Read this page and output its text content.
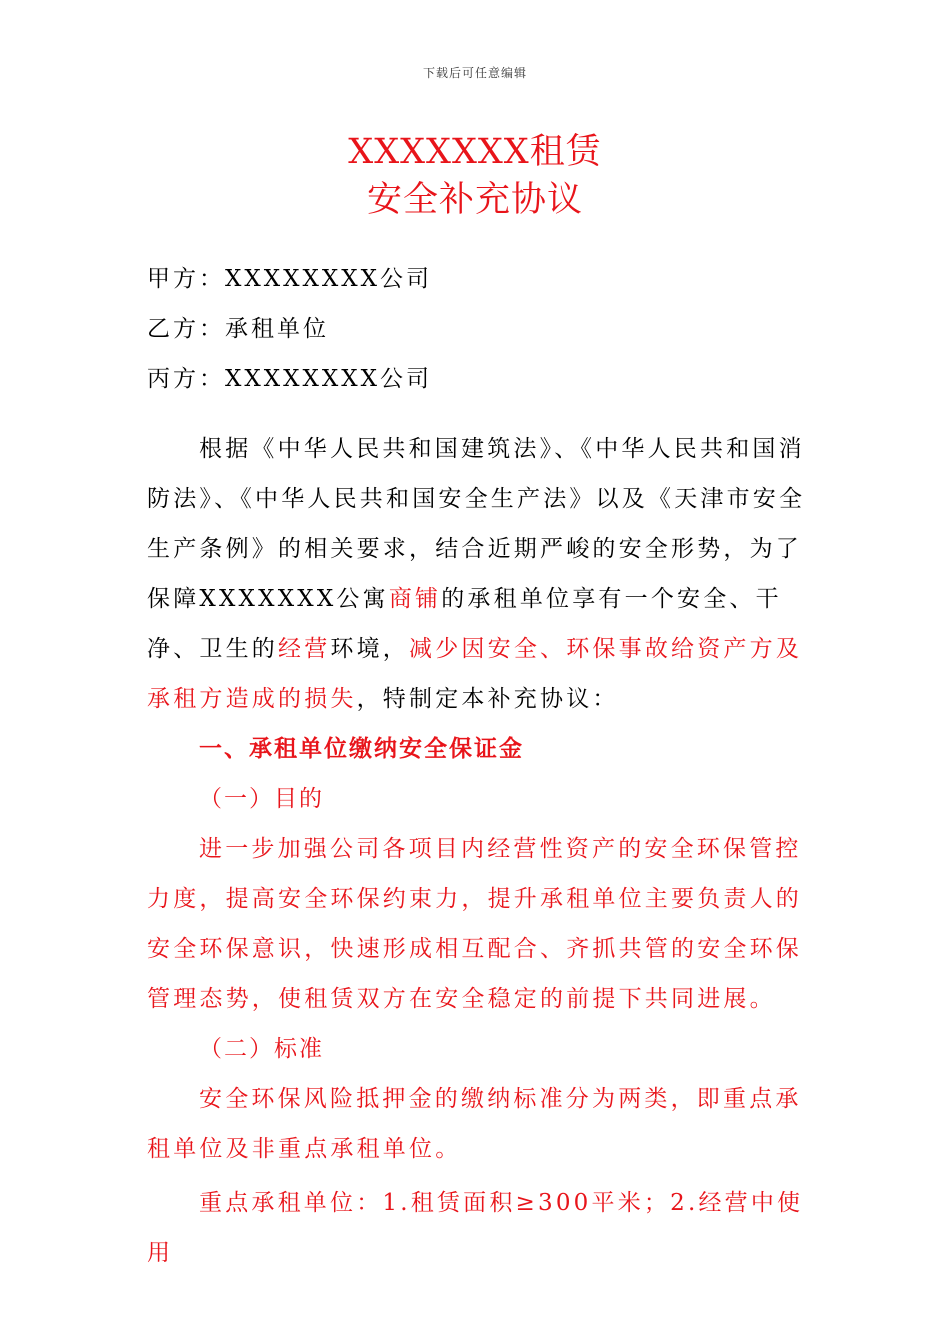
下载后可任意编辑
XXXXXXX租赁
安全补充协议
甲方：XXXXXXXX公司
乙方：承租单位
丙方：XXXXXXXX公司

根据《中华人民共和国建筑法》、《中华人民共和国消防法》、《中华人民共和国安全生产法》以及《天津市安全生产条例》的相关要求，结合近期严峻的安全形势，为了保障XXXXXXX公寓商铺的承租单位享有一个安全、干净、卫生的经营环境，减少因安全、环保事故给资产方及承租方造成的损失，特制定本补充协议：

一、承租单位缴纳安全保证金

（一）目的

进一步加强公司各项目内经营性资产的安全环保管控力度，提高安全环保约束力，提升承租单位主要负责人的安全环保意识，快速形成相互配合、齐抓共管的安全环保管理态势，使租赁双方在安全稳定的前提下共同进展。

（二）标准

安全环保风险抵押金的缴纳标准分为两类，即重点承租单位及非重点承租单位。

重点承租单位：1.租赁面积≥300平米；2.经营中使用
